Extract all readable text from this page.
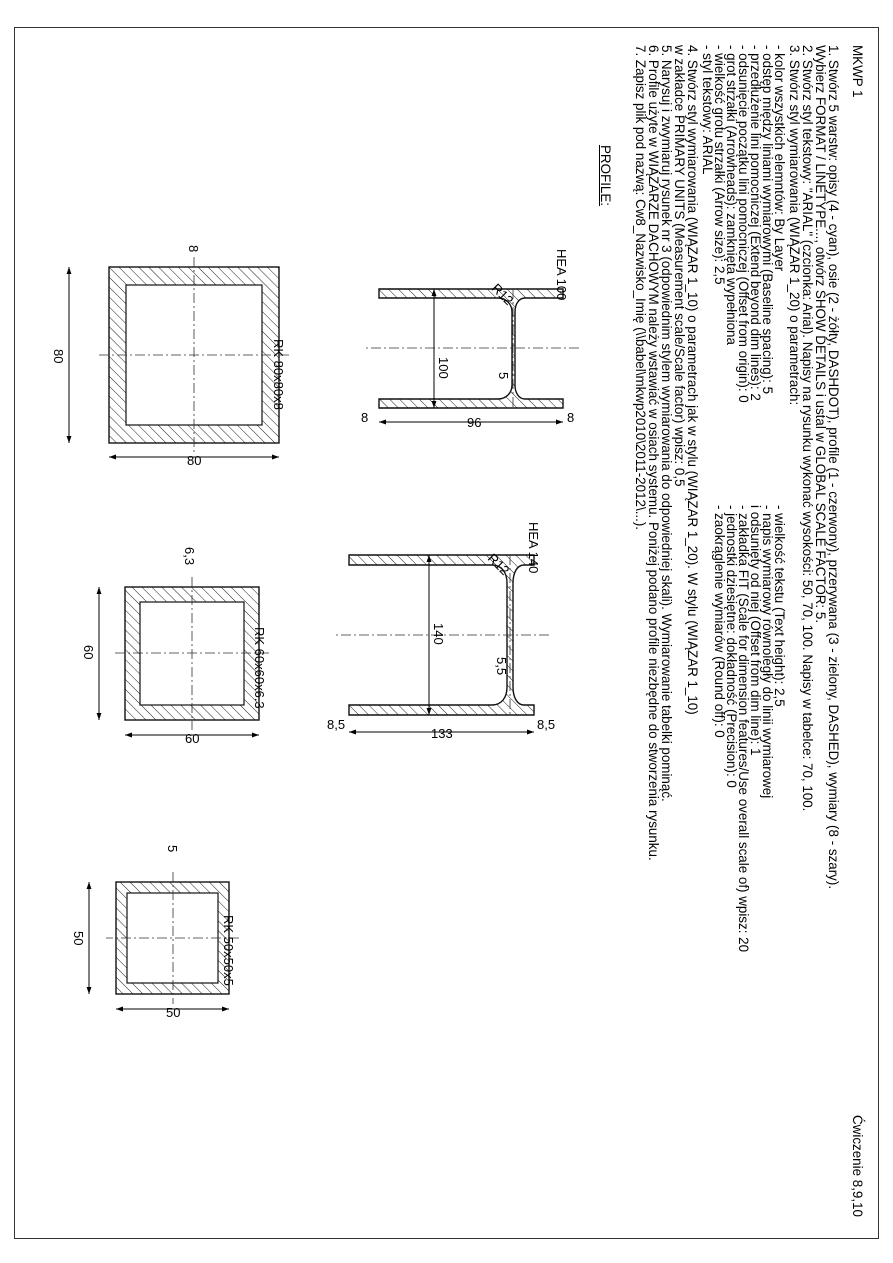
MKWP 1
Ćwiczenie 8,9,10
1. Stwórz 5 warstw: opisy (4 - cyan), osie (2 - żółty, DASHDOT), profile (1 - czerwony), przerywana (3 - zielony, DASHED), wymiary (8 - szary).
Wybierz FORMAT / LINETYPE..., otwórz SHOW DETAILS i ustal w GLOBAL SCALE FACTOR: 5.
2. Stwórz styl tekstowy: "ARIAL" (czcionka: Arial). Napisy na rysunku wykonać wysokości: 50, 70, 100. Napisy w tabelce: 70, 100.
3. Stwórz styl wymiarowania (WIĄZAR 1_20) o parametrach:
- kolor wszystkich elemntów: By Layer
- odstęp między liniami wymiarowymi (Baseline spacing): 5
- przedłużenie lini pomocniczej (Extend beyond dim lines): 2
- odsunięcie początku lini pomocniczej (Offset from origin): 0
- grot strzałki (Arrowheads): zamknięta wypełniona
- wielkość grotu strzałki (Arrow size): 2,5
- styl tekstowy: ARIAL
- wielkość tekstu (Text height): 2,5
- napis wymiarowy równoległy do linii wymiarowej
i odsunięty od niej (Offset from dim line): 1
- zakładka FIT (Scale for dimension features/Use overall scale of) wpisz: 20
- jednostki dziesiętne: dokładność (Precision): 0
- zaokrąglenie wymiarów (Round off): 0
4. Stwórz styl wymiarowania (WIĄZAR 1_10) o parametrach jak w stylu (WIĄZAR 1_20). W stylu (WIĄZAR 1_10)
w zakładce PRIMARY UNITS (Measurement scale/Scale factor) wpisz: 0,5
5. Narysuj i zwymiaruj rysunek nr 3 (odpowiednim stylem wymiarowania do odpowiedniej skali). Wymiarowanie tabelki pominąć.
6. Profile użyte w WIĄZARZE DACHOWYM należy wstawiać w osiach systemu. Poniżej podano profile niezbędne do stworzenia rysunku.
7. Zapisz plik pod nazwą: Cw8_Nazwisko_Imię (\\babel\mkwp2010\2011-2012\...).
PROFILE:
100
96	8
8
5
R12	HEA 100
140
133
8,5
8,5
5,5
R12 HEA 140
80
80
8
RK 80x80x8
60
60
6,3
RK 60x60x6.3
50
50
5
RK 50x50x5
